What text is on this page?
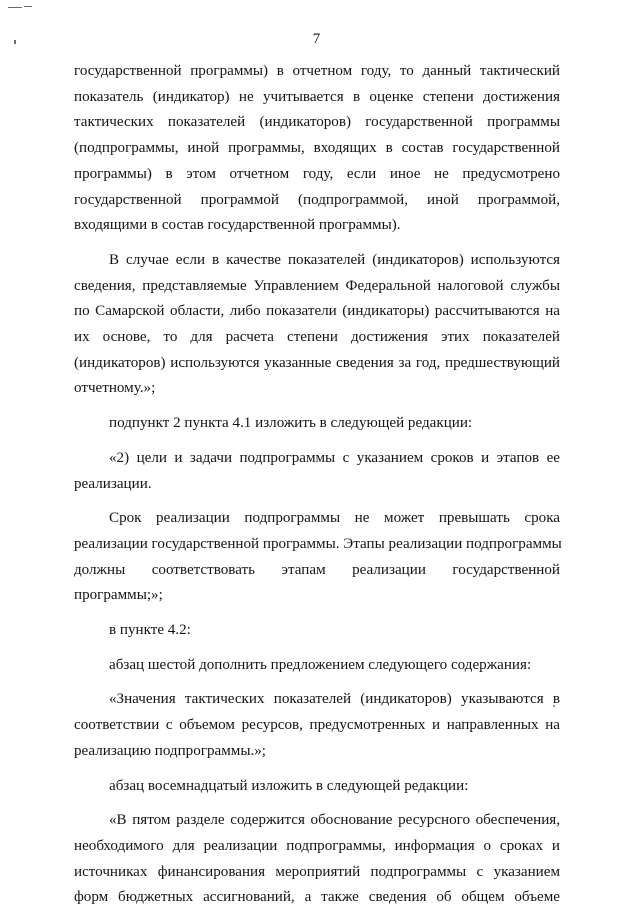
7

государственной программы) в отчетном году, то данный тактический
показатель (индикатор) не учитывается в оценке степени достижения
тактических показателей (индикаторов) государственной программы
(подпрограммы, иной программы, входящих в состав государственной
программы) в этом отчетном году, если иное не предусмотрено
государственной программой (подпрограммой, иной программой,
входящими в состав государственной программы).

В случае если в качестве показателей (индикаторов) используются
сведения, представляемые Управлением Федеральной налоговой службы
по Самарской области, либо показатели (индикаторы) рассчитываются на
их основе, то для расчета степени достижения этих показателей
(индикаторов) используются указанные сведения за год, предшествующий
отчетному.»;

подпункт 2 пункта 4.1 изложить в следующей редакции:

«2) цели и задачи подпрограммы с указанием сроков и этапов ее
реализации.

Срок реализации подпрограммы не может превышать срока
реализации государственной программы. Этапы реализации подпрограммы
должны соответствовать этапам реализации государственной
программы;»;

в пункте 4.2:

абзац шестой дополнить предложением следующего содержания:

«Значения тактических показателей (индикаторов) указываются в
соответствии с объемом ресурсов, предусмотренных и направленных на
реализацию подпрограммы.»;

абзац восемнадцатый изложить в следующей редакции:

«В пятом разделе содержится обоснование ресурсного обеспечения,
необходимого для реализации подпрограммы, информация о сроках и
источниках финансирования мероприятий подпрограммы с указанием
форм бюджетных ассигнований, а также сведения об общем объеме
